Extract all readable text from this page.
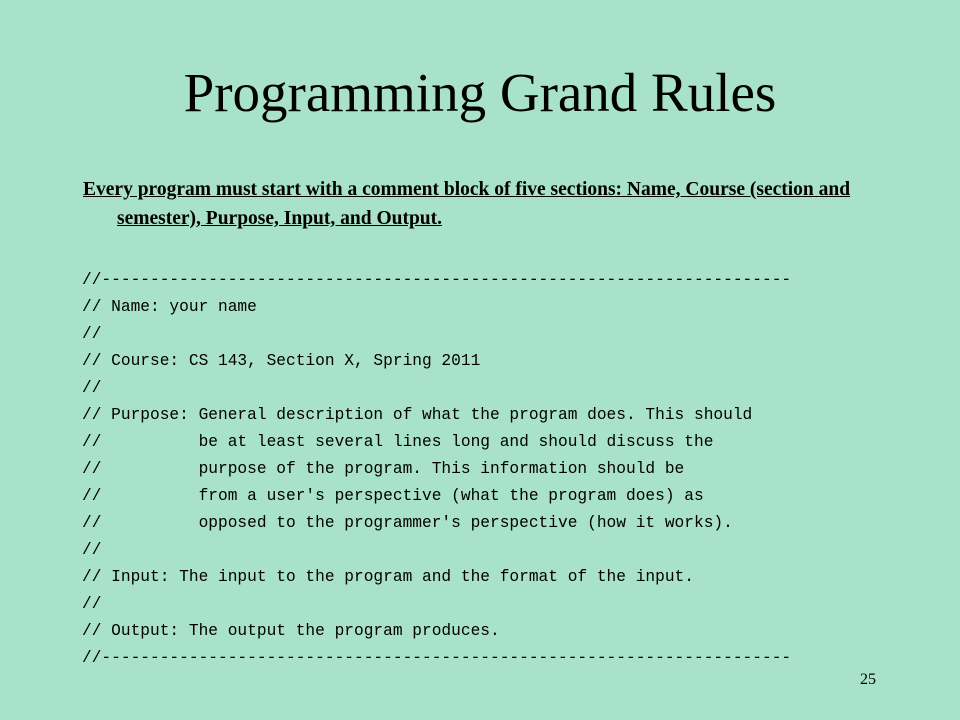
Programming Grand Rules

Every program must start with a comment block of five sections: Name, Course (section and semester), Purpose, Input, and Output.

//-----------------------------------------------------------------------
// Name: your name
//
// Course: CS 143, Section X, Spring 2011
//
// Purpose: General description of what the program does. This should
//          be at least several lines long and should discuss the
//          purpose of the program. This information should be
//          from a user's perspective (what the program does) as
//          opposed to the programmer's perspective (how it works).
//
// Input: The input to the program and the format of the input.
//
// Output: The output the program produces.
//-----------------------------------------------------------------------
25
